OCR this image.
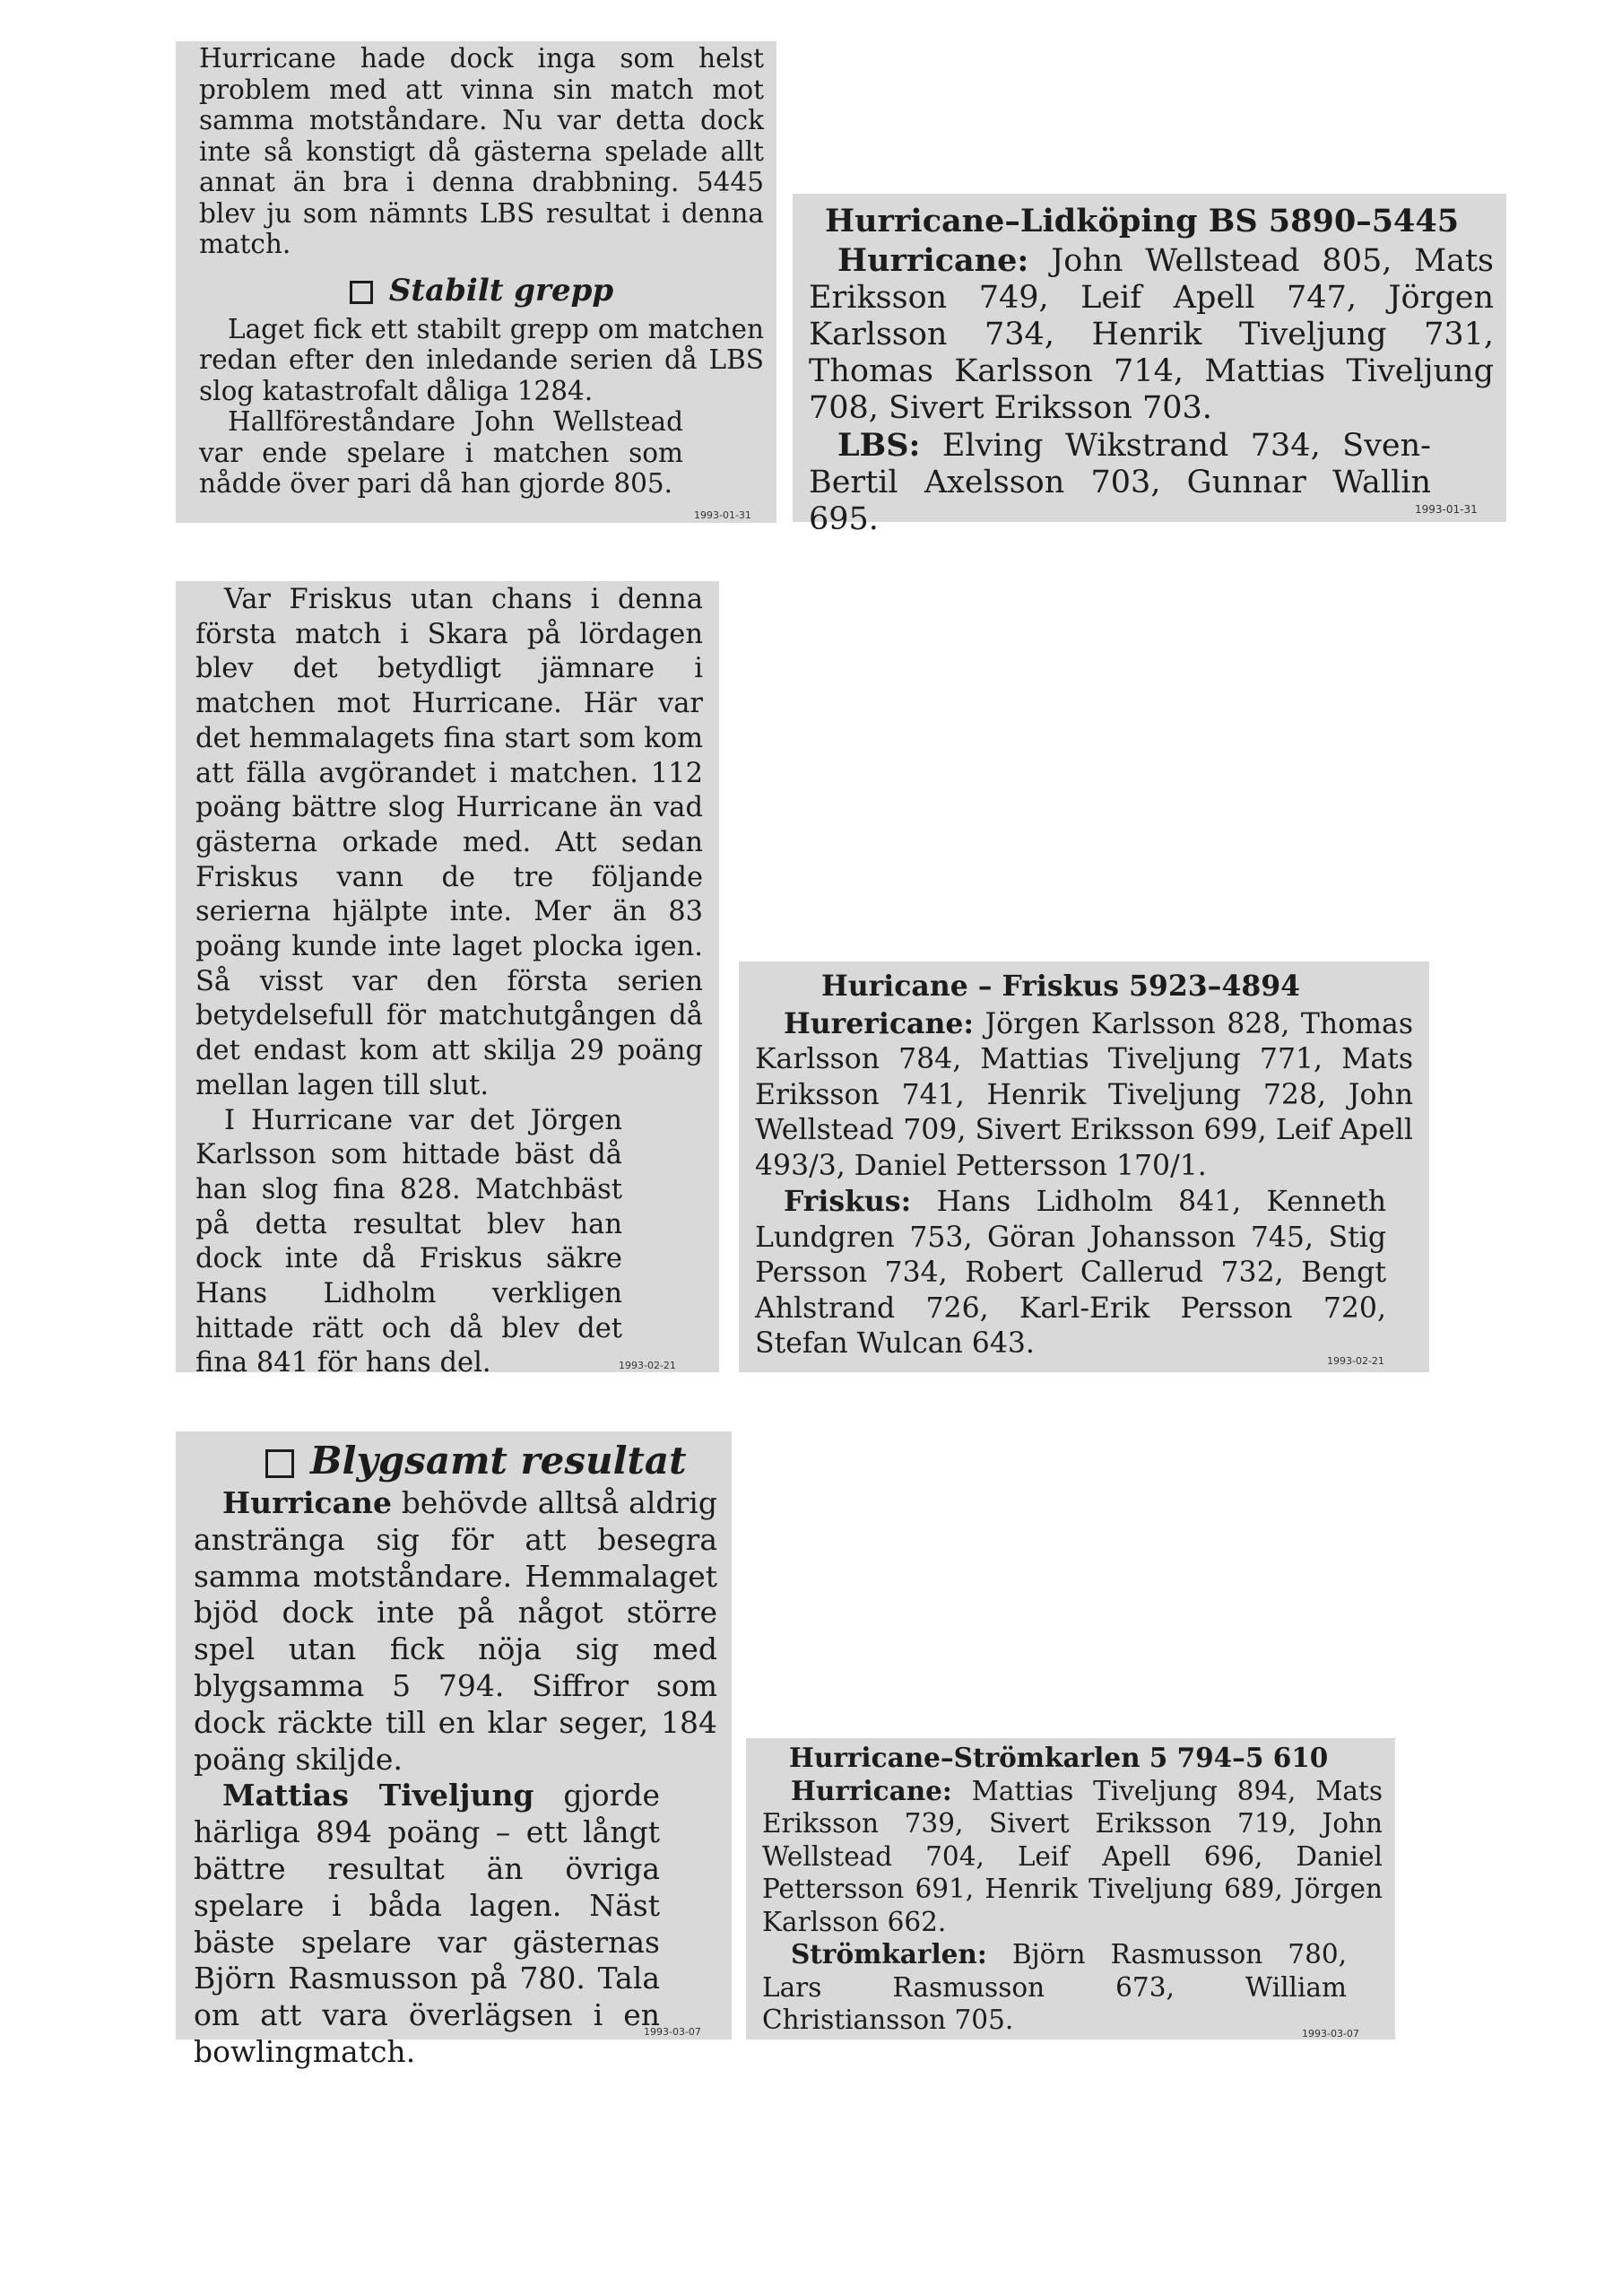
Hurricane hade dock inga som helst problem med att vinna sin match mot samma motståndare. Nu var detta dock inte så konstigt då gästerna spelade allt annat än bra i denna drabbning. 5445 blev ju som nämnts LBS resultat i denna match.

Stabilt grepp

Laget fick ett stabilt grepp om matchen redan efter den inledande serien då LBS slog katastrofalt dåliga 1284.

Hallföreståndare John Wellstead var ende spelare i matchen som nådde över pari då han gjorde 805.

1993-01-31

Hurricane–Lidköping BS 5890–5445

Hurricane: John Wellstead 805, Mats Eriksson 749, Leif Apell 747, Jörgen Karlsson 734, Henrik Tiveljung 731, Thomas Karlsson 714, Mattias Tiveljung 708, Sivert Eriksson 703.

LBS: Elving Wikstrand 734, Sven-Bertil Axelsson 703, Gunnar Wallin 695.	1993-01-31

Var Friskus utan chans i denna första match i Skara på lördagen blev det betydligt jämnare i matchen mot Hurricane. Här var det hemmalagets fina start som kom att fälla avgörandet i matchen. 112 poäng bättre slog Hurricane än vad gästerna orkade med. Att sedan Friskus vann de tre följande serierna hjälpte inte. Mer än 83 poäng kunde inte laget plocka igen. Så visst var den första serien betydelsefull för matchutgången då det endast kom att skilja 29 poäng mellan lagen till slut.

I Hurricane var det Jörgen Karlsson som hittade bäst då han slog fina 828. Matchbäst på detta resultat blev han dock inte då Friskus säkre Hans Lidholm verkligen hittade rätt och då blev det fina 841 för hans del.	1993-02-21

Huricane – Friskus 5923–4894

Hurericane: Jörgen Karlsson 828, Thomas Karlsson 784, Mattias Tiveljung 771, Mats Eriksson 741, Henrik Tiveljung 728, John Wellstead 709, Sivert Eriksson 699, Leif Apell 493/3, Daniel Pettersson 170/1.

Friskus: Hans Lidholm 841, Kenneth Lundgren 753, Göran Johansson 745, Stig Persson 734, Robert Callerud 732, Bengt Ahlstrand 726, Karl-Erik Persson 720, Stefan Wulcan 643.

1993-02-21

Blygsamt resultat

Hurricane behövde alltså aldrig anstränga sig för att besegra samma motståndare. Hemmalaget bjöd dock inte på något större spel utan fick nöja sig med blygsamma 5 794. Siffror som dock räckte till en klar seger, 184 poäng skiljde.

Mattias Tiveljung gjorde härliga 894 poäng – ett långt bättre resultat än övriga spelare i båda lagen. Näst bäste spelare var gästernas Björn Rasmusson på 780. Tala om att vara överlägsen i en bowlingmatch.

1993-03-07

Hurricane–Strömkarlen 5 794–5 610

Hurricane: Mattias Tiveljung 894, Mats Eriksson 739, Sivert Eriksson 719, John Wellstead 704, Leif Apell 696, Daniel Pettersson 691, Henrik Tiveljung 689, Jörgen Karlsson 662.

Strömkarlen: Björn Rasmusson 780, Lars Rasmusson 673, William Christiansson 705.	1993-03-07
